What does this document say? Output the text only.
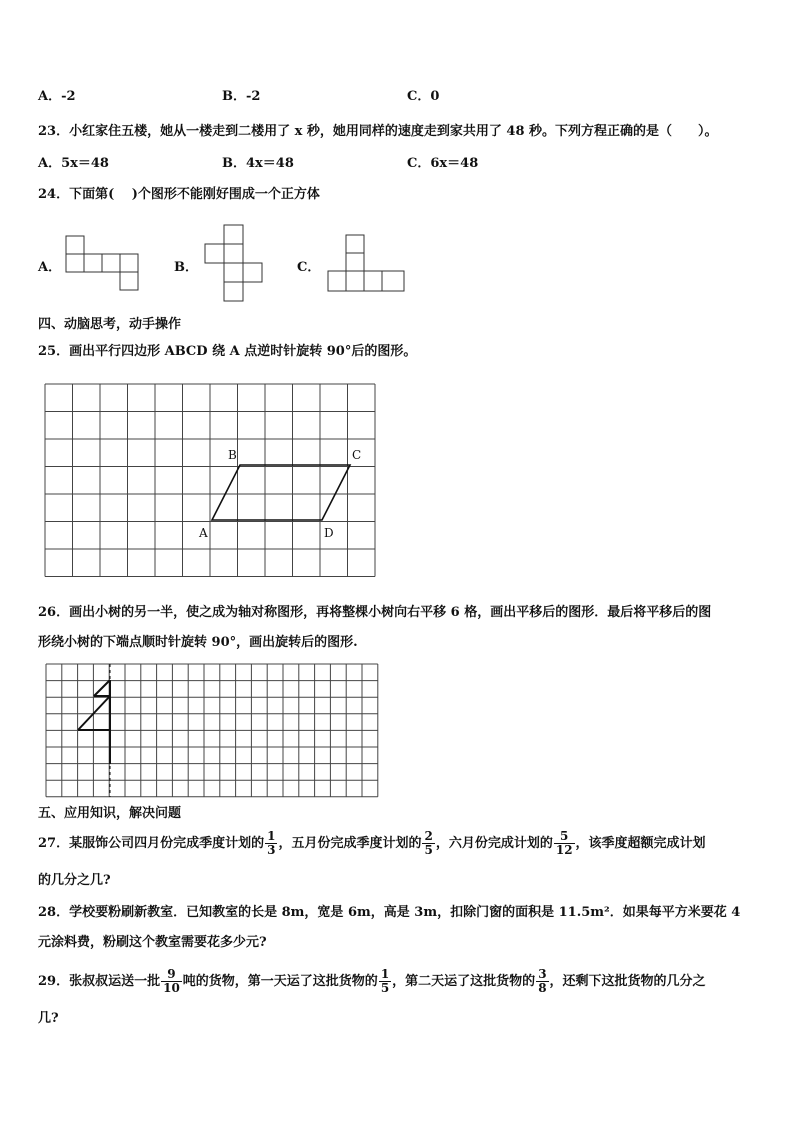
A．-2	B．-2	C．0
23．小红家住五楼，她从一楼走到二楼用了 x 秒，她用同样的速度走到家共用了 48 秒。下列方程正确的是（　　）。
A．5x＝48	B．4x＝48	C．6x＝48
24．下面第(　 )个图形不能刚好围成一个正方体
A．	B．	C．
四、动脑思考，动手操作
25．画出平行四边形 ABCD 绕 A 点逆时针旋转 90°后的图形。
A
B	C
D
26．画出小树的另一半，使之成为轴对称图形，再将整棵小树向右平移 6 格，画出平移后的图形．最后将平移后的图
形绕小树的下端点顺时针旋转 90°，画出旋转后的图形.
五、应用知识，解决问题
27．某服饰公司四月份完成季度计划的 $\frac{1}{3}$ ，五月份完成季度计划的 $\frac{2}{5}$ ，六月份完成计划的 $\frac{5}{12}$ ，该季度超额完成计划
的几分之几?
28．学校要粉刷新教室．已知教室的长是 8m，宽是 6m，高是 3m，扣除门窗的面积是 11.5m²．如果每平方米要花 4
元涂料费，粉刷这个教室需要花多少元?
29．张叔叔运送一批 $\frac{9}{10}$ 吨的货物，第一天运了这批货物的 $\frac{1}{5}$ ，第二天运了这批货物的 $\frac{3}{8}$ ，还剩下这批货物的几分之
几?
